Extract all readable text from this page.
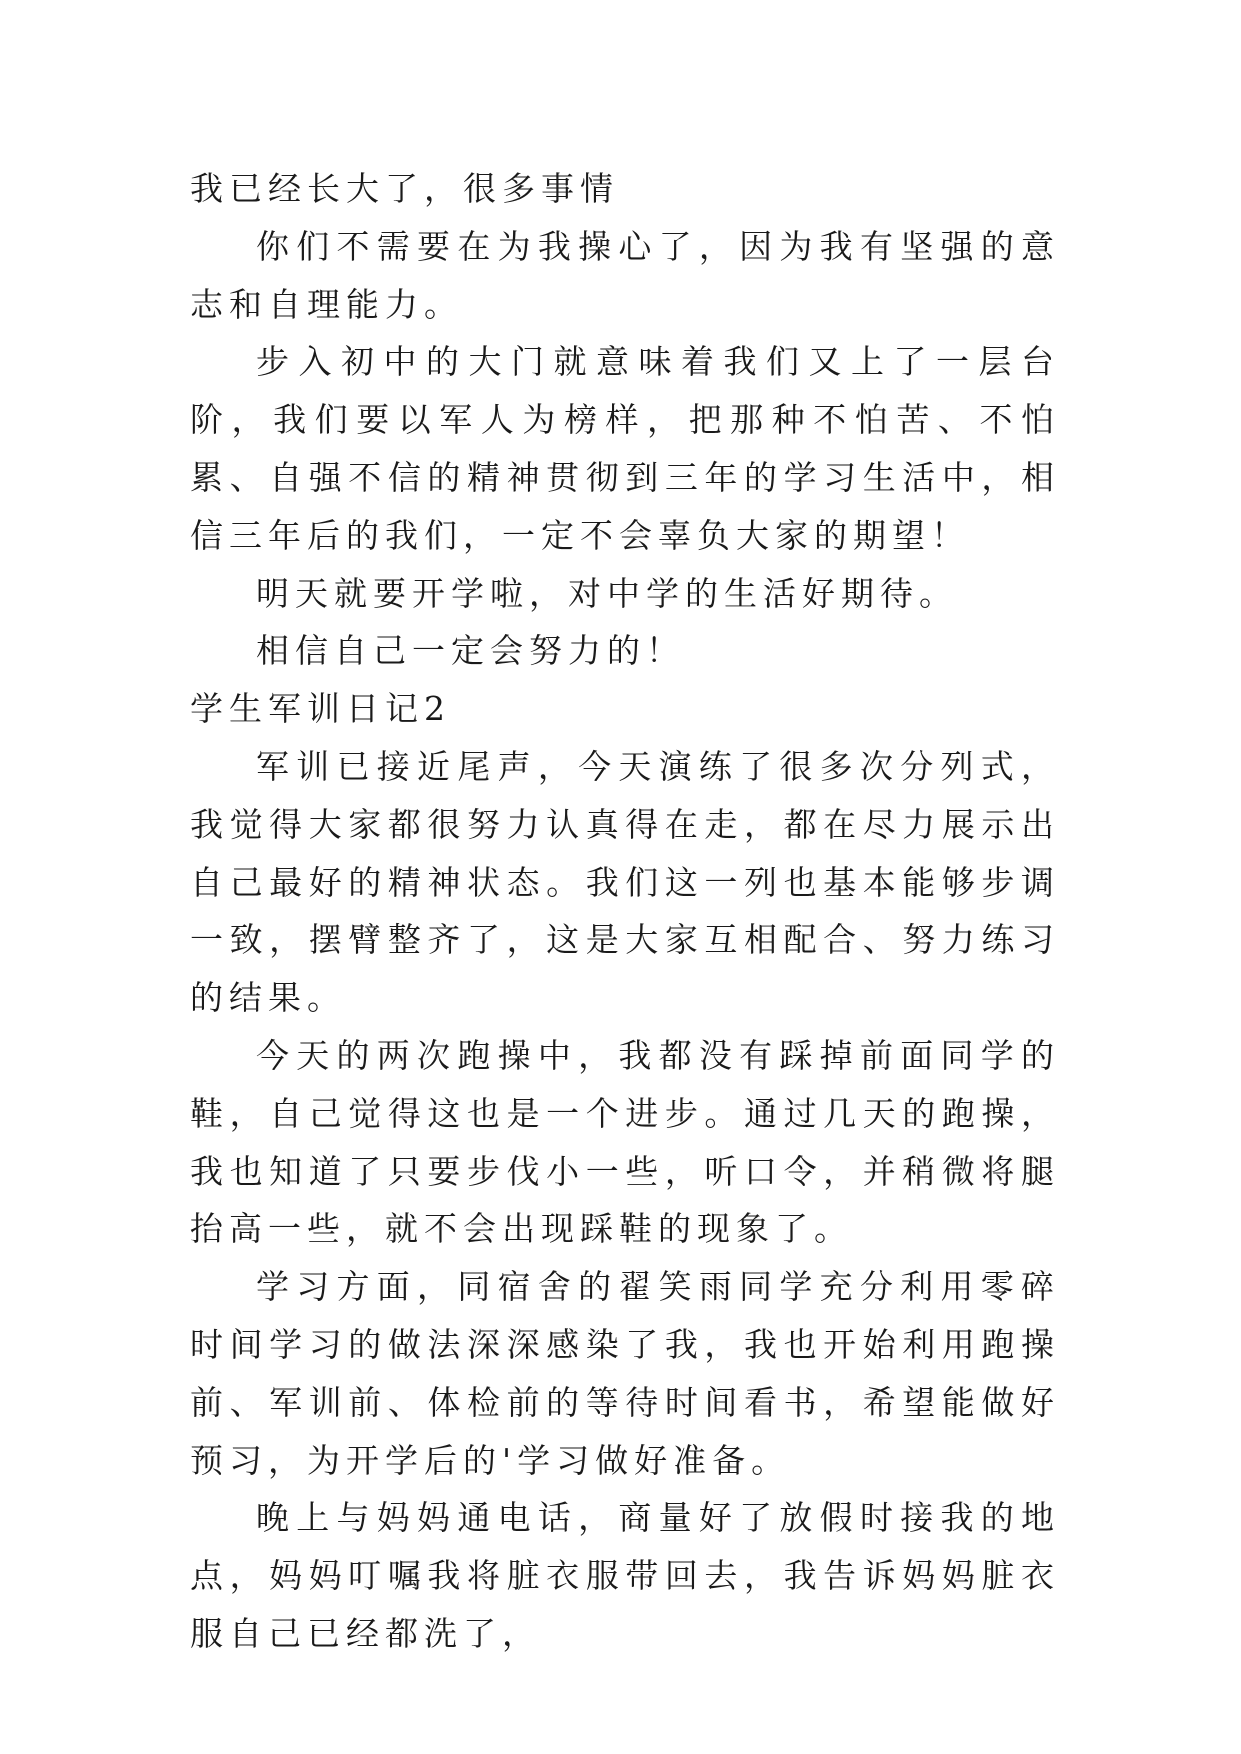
我已经长大了，很多事情

你们不需要在为我操心了，因为我有坚强的意志和自理能力。

步入初中的大门就意味着我们又上了一层台阶，我们要以军人为榜样，把那种不怕苦、不怕累、自强不信的精神贯彻到三年的学习生活中，相信三年后的我们，一定不会辜负大家的期望！

明天就要开学啦，对中学的生活好期待。

相信自己一定会努力的！

学生军训日记2

军训已接近尾声，今天演练了很多次分列式，我觉得大家都很努力认真得在走，都在尽力展示出自己最好的精神状态。我们这一列也基本能够步调一致，摆臂整齐了，这是大家互相配合、努力练习的结果。

今天的两次跑操中，我都没有踩掉前面同学的鞋，自己觉得这也是一个进步。通过几天的跑操，我也知道了只要步伐小一些，听口令，并稍微将腿抬高一些，就不会出现踩鞋的现象了。

学习方面，同宿舍的翟笑雨同学充分利用零碎时间学习的做法深深感染了我，我也开始利用跑操前、军训前、体检前的等待时间看书，希望能做好预习，为开学后的'学习做好准备。

晚上与妈妈通电话，商量好了放假时接我的地点，妈妈叮嘱我将脏衣服带回去，我告诉妈妈脏衣服自己已经都洗了，
